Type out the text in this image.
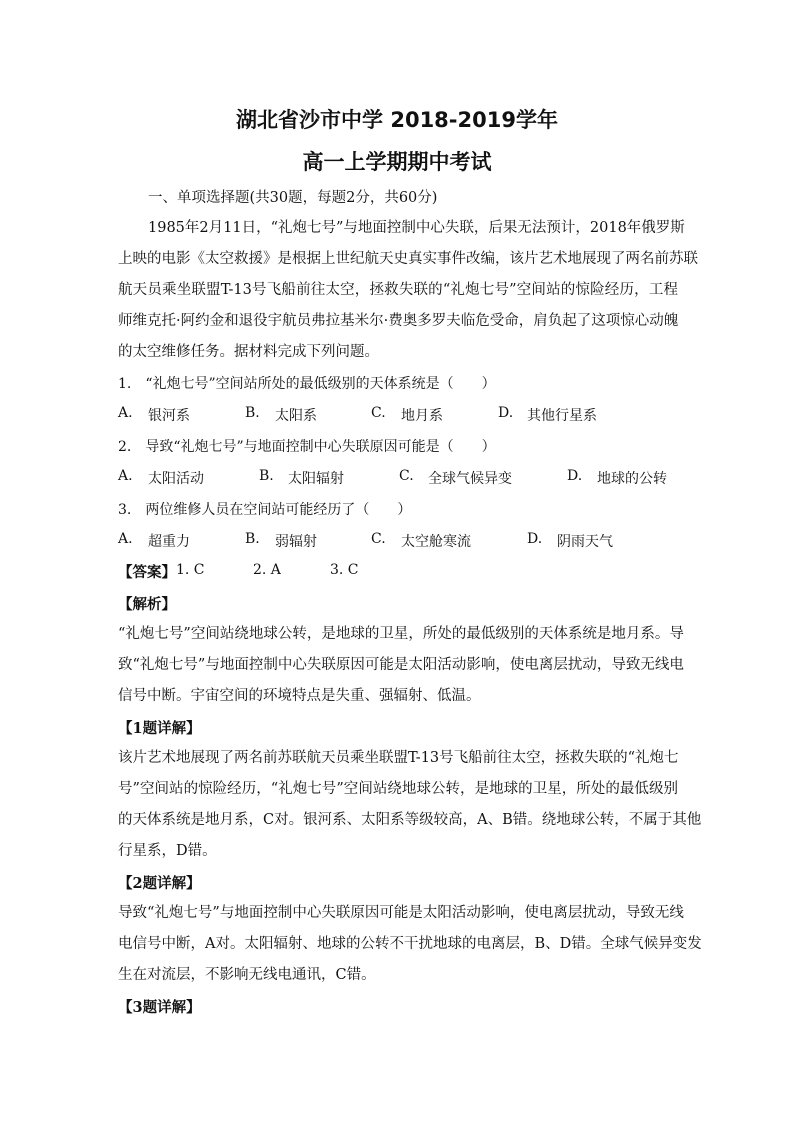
湖北省沙市中学 2018-2019学年
高一上学期期中考试
一、单项选择题(共30题，每题2分，共60分)
1985年2月11日，“礼炮七号”与地面控制中心失联，后果无法预计，2018年俄罗斯
上映的电影《太空救援》是根据上世纪航天史真实事件改编，该片艺术地展现了两名前苏联
航天员乘坐联盟T-13号飞船前往太空，拯救失联的“礼炮七号”空间站的惊险经历，工程
师维克托·阿约金和退役宇航员弗拉基米尔·费奥多罗夫临危受命，肩负起了这项惊心动魄
的太空维修任务。据材料完成下列问题。
1.　“礼炮七号”空间站所处的最低级别的天体系统是（　　）
A. 银河系	B. 太阳系	C. 地月系	D. 其他行星系
2.　导致“礼炮七号”与地面控制中心失联原因可能是（　　）
A. 太阳活动	B. 太阳辐射	C. 全球气候异变	D. 地球的公转
3.　两位维修人员在空间站可能经历了（　　）
A. 超重力	B. 弱辐射	C. 太空舱寒流	D. 阴雨天气
【答案】 1. C	2. A	3. C
【解析】
“礼炮七号”空间站绕地球公转，是地球的卫星，所处的最低级别的天体系统是地月系。导
致“礼炮七号”与地面控制中心失联原因可能是太阳活动影响，使电离层扰动，导致无线电
信号中断。宇宙空间的环境特点是失重、强辐射、低温。
【1题详解】
该片艺术地展现了两名前苏联航天员乘坐联盟T-13号飞船前往太空，拯救失联的“礼炮七
号”空间站的惊险经历，“礼炮七号”空间站绕地球公转，是地球的卫星，所处的最低级别
的天体系统是地月系，C对。银河系、太阳系等级较高，A、B错。绕地球公转，不属于其他
行星系，D错。
【2题详解】
导致“礼炮七号”与地面控制中心失联原因可能是太阳活动影响，使电离层扰动，导致无线
电信号中断，A对。太阳辐射、地球的公转不干扰地球的电离层，B、D错。全球气候异变发
生在对流层，不影响无线电通讯，C错。
【3题详解】
